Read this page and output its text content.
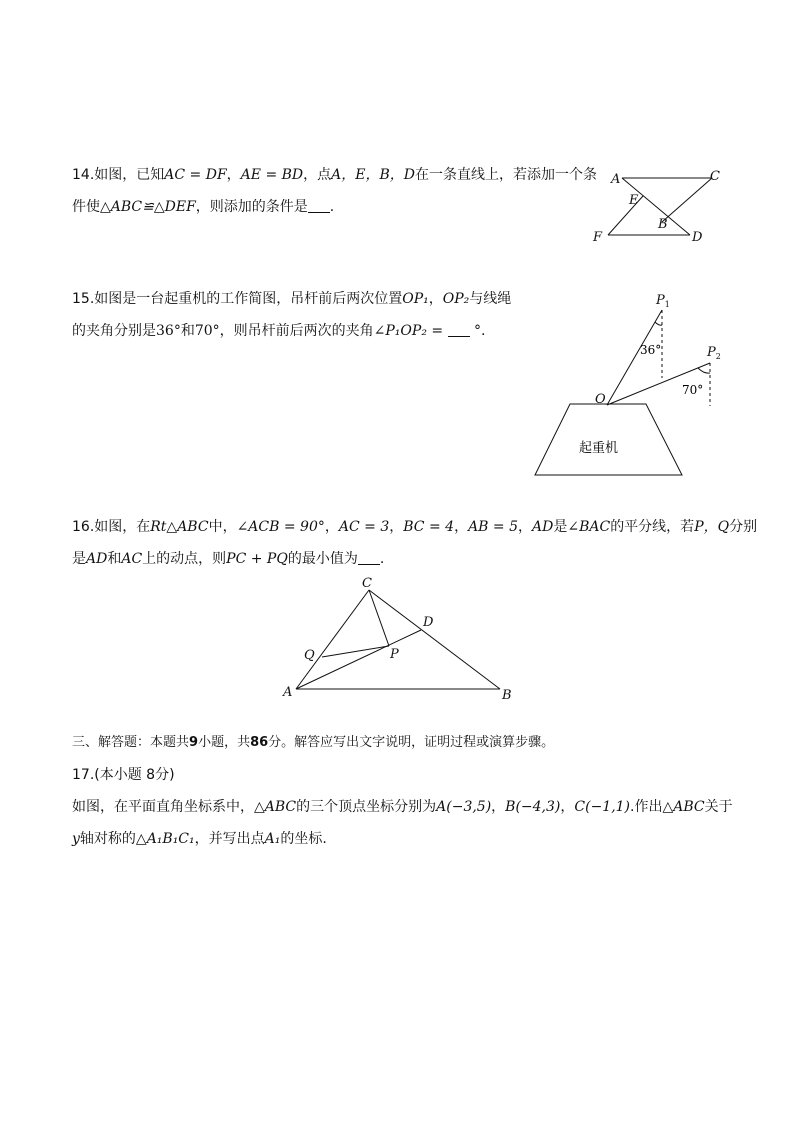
14.如图，已知AC = DF，AE = BD，点A，E，B，D在一条直线上，若添加一个条
件使△ABC≌△DEF，则添加的条件是 .
A	C
E
B
F	D
15.如图是一台起重机的工作简图，吊杆前后两次位置OP₁，OP₂与线绳
的夹角分别是36°和70°，则吊杆前后两次的夹角∠P₁OP₂ = °.
$P_1$
$P_2$
O
36°
70°
起重机
16.如图，在Rt△ABC中，∠ACB = 90°，AC = 3，BC = 4，AB = 5，AD是∠BAC的平分线，若P，Q分别
是AD和AC上的动点，则PC + PQ的最小值为 .
C
D
Q	P
A	B
三、解答题：本题共9小题，共86分。解答应写出文字说明，证明过程或演算步骤。
17.(本小题 8分)
如图，在平面直角坐标系中，△ABC的三个顶点坐标分别为A(−3,5)，B(−4,3)，C(−1,1).作出△ABC关于
y轴对称的△A₁B₁C₁，并写出点A₁的坐标.
